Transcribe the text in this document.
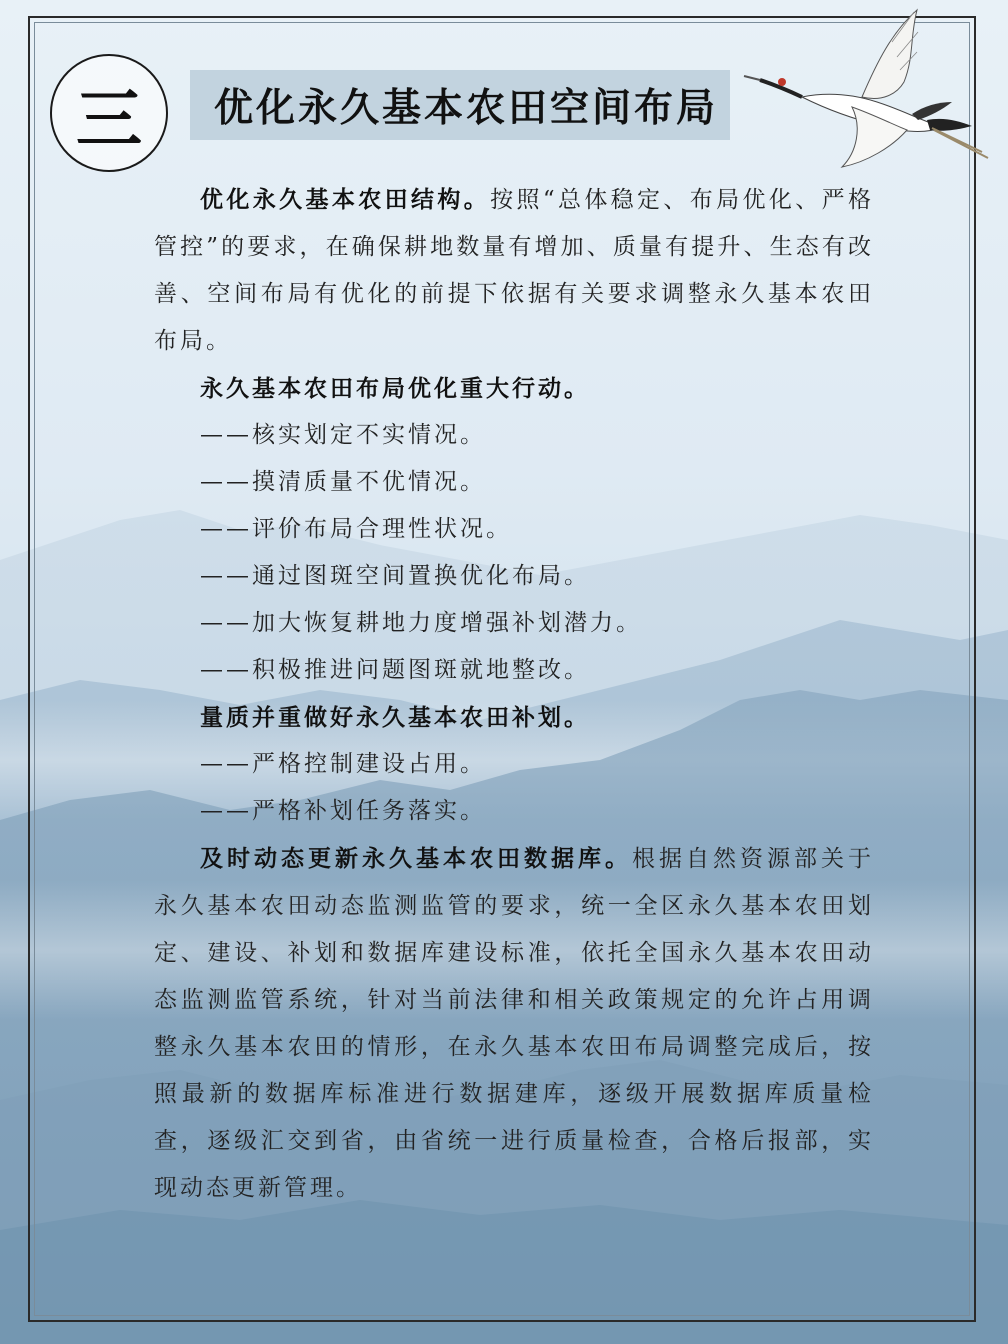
三 优化永久基本农田空间布局

优化永久基本农田结构。按照“总体稳定、布局优化、严格管控”的要求，在确保耕地数量有增加、质量有提升、生态有改善、空间布局有优化的前提下依据有关要求调整永久基本农田布局。

永久基本农田布局优化重大行动。

——核实划定不实情况。

——摸清质量不优情况。

——评价布局合理性状况。

——通过图斑空间置换优化布局。

——加大恢复耕地力度增强补划潜力。

——积极推进问题图斑就地整改。

量质并重做好永久基本农田补划。

——严格控制建设占用。

——严格补划任务落实。

及时动态更新永久基本农田数据库。根据自然资源部关于永久基本农田动态监测监管的要求，统一全区永久基本农田划定、建设、补划和数据库建设标准，依托全国永久基本农田动态监测监管系统，针对当前法律和相关政策规定的允许占用调整永久基本农田的情形，在永久基本农田布局调整完成后，按照最新的数据库标准进行数据建库，逐级开展数据库质量检查，逐级汇交到省，由省统一进行质量检查，合格后报部，实现动态更新管理。
